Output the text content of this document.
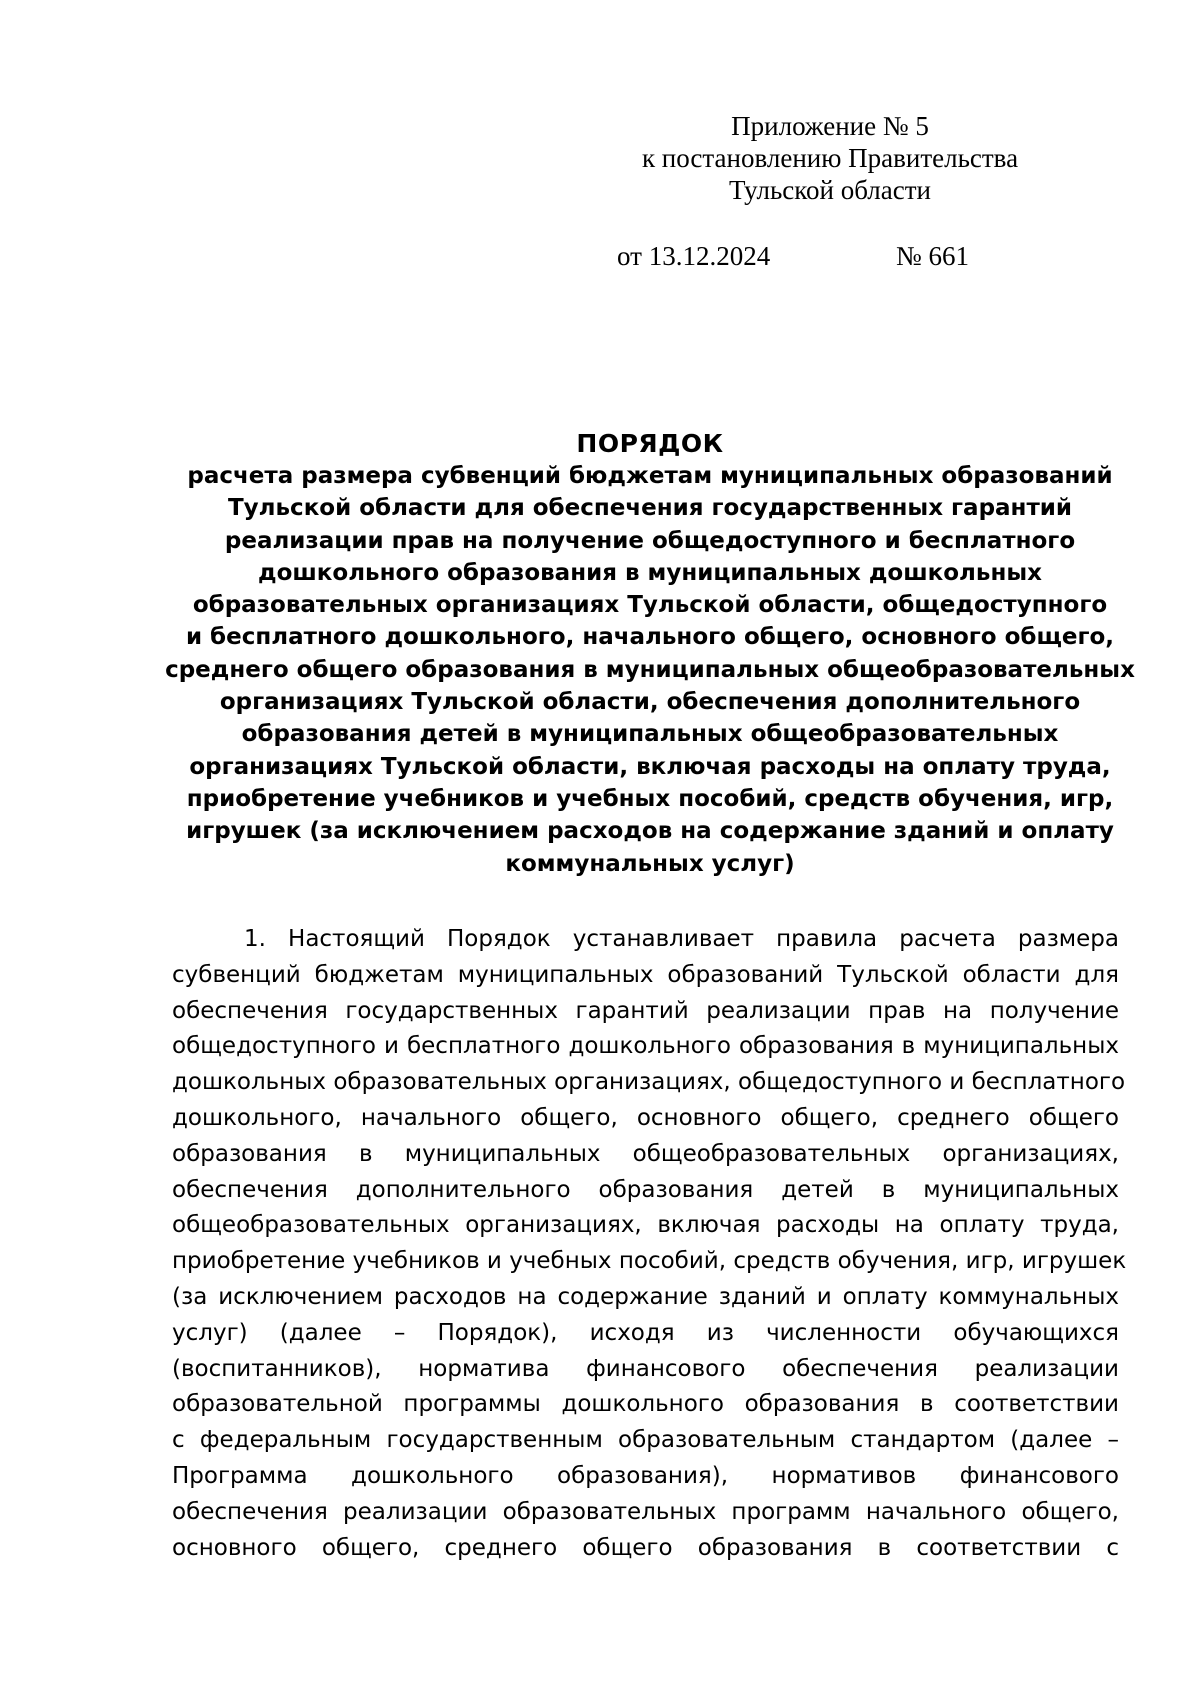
Приложение № 5
к постановлению Правительства
Тульской области
от 13.12.2024	№ 661
ПОРЯДОК
расчета размера субвенций бюджетам муниципальных образований
Тульской области для обеспечения государственных гарантий
реализации прав на получение общедоступного и бесплатного
дошкольного образования в муниципальных дошкольных
образовательных организациях Тульской области, общедоступного
и бесплатного дошкольного, начального общего, основного общего,
среднего общего образования в муниципальных общеобразовательных
организациях Тульской области, обеспечения дополнительного
образования детей в муниципальных общеобразовательных
организациях Тульской области, включая расходы на оплату труда,
приобретение учебников и учебных пособий, средств обучения, игр,
игрушек (за исключением расходов на содержание зданий и оплату
коммунальных услуг)
1. Настоящий Порядок устанавливает правила расчета размера
субвенций бюджетам муниципальных образований Тульской области для
обеспечения государственных гарантий реализации прав на получение
общедоступного и бесплатного дошкольного образования в муниципальных
дошкольных образовательных организациях, общедоступного и бесплатного
дошкольного, начального общего, основного общего, среднего общего
образования в муниципальных общеобразовательных организациях,
обеспечения дополнительного образования детей в муниципальных
общеобразовательных организациях, включая расходы на оплату труда,
приобретение учебников и учебных пособий, средств обучения, игр, игрушек
(за исключением расходов на содержание зданий и оплату коммунальных
услуг) (далее – Порядок), исходя из численности обучающихся
(воспитанников), норматива финансового обеспечения реализации
образовательной программы дошкольного образования в соответствии
с федеральным государственным образовательным стандартом (далее –
Программа дошкольного образования), нормативов финансового
обеспечения реализации образовательных программ начального общего,
основного общего, среднего общего образования в соответствии с
